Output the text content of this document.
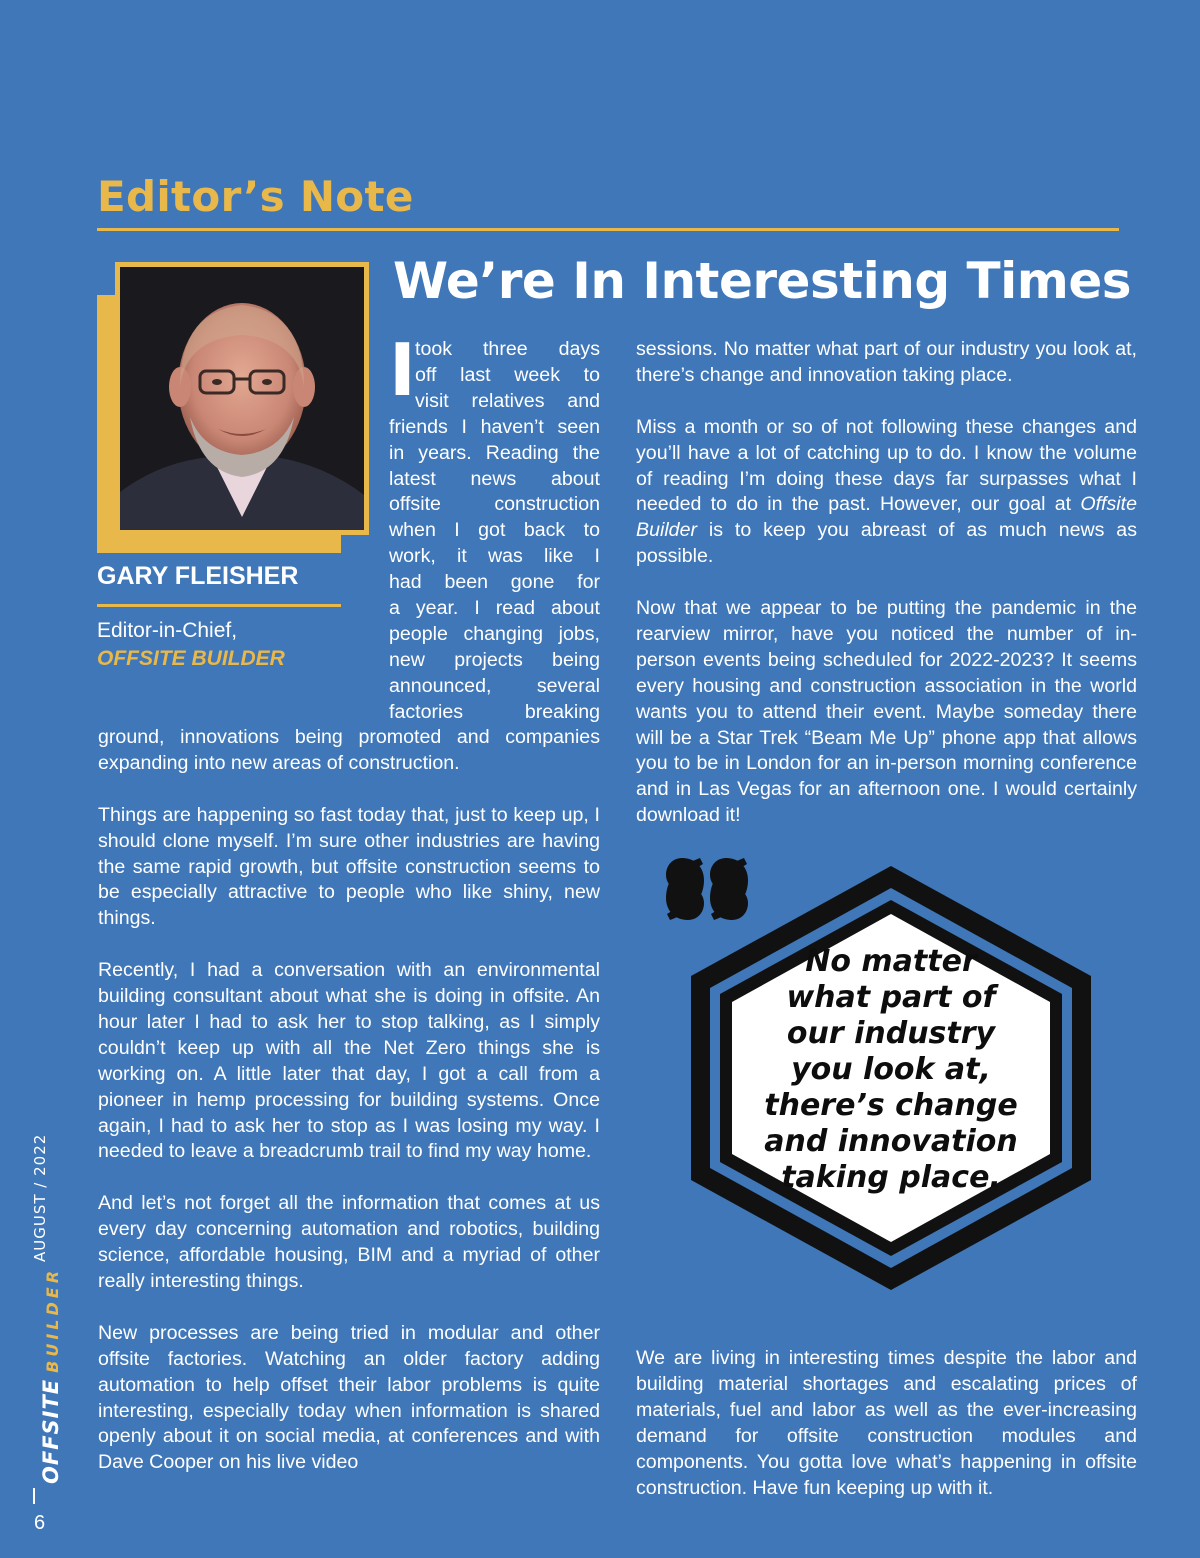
Editor’s Note
We’re In Interesting Times
GARY FLEISHER
Editor-in-Chief,
OFFSITE BUILDER
I took three days
off last week to
visit relatives and
friends I haven’t seen
in years. Reading the
latest news about
offsite construction
when I got back to
work, it was like I
had been gone for
a year. I read about
people changing jobs,
new projects being
announced, several
factories breaking

ground, innovations being promoted and companies expanding into new areas of construction.

Things are happening so fast today that, just to keep up, I should clone myself. I’m sure other industries are having the same rapid growth, but offsite construction seems to be especially attractive to people who like shiny, new things.

Recently, I had a conversation with an environmental building consultant about what she is doing in offsite. An hour later I had to ask her to stop talking, as I simply couldn’t keep up with all the Net Zero things she is working on. A little later that day, I got a call from a pioneer in hemp processing for building systems. Once again, I had to ask her to stop as I was losing my way. I needed to leave a breadcrumb trail to find my way home.

And let’s not forget all the information that comes at us every day concerning automation and robotics, building science, affordable housing, BIM and a myriad of other really interesting things.

New processes are being tried in modular and other offsite factories. Watching an older factory adding automation to help offset their labor problems is quite interesting, especially today when information is shared openly about it on social media, at conferences and with Dave Cooper on his live video

sessions. No matter what part of our industry you look at, there’s change and innovation taking place.

Miss a month or so of not following these changes and you’ll have a lot of catching up to do. I know the volume of reading I’m doing these days far surpasses what I needed to do in the past. However, our goal at Offsite Builder is to keep you abreast of as much news as possible.

Now that we appear to be putting the pandemic in the rearview mirror, have you noticed the number of in-person events being scheduled for 2022-2023? It seems every housing and construction association in the world wants you to attend their event. Maybe someday there will be a Star Trek “Beam Me Up” phone app that allows you to be in London for an in-person morning conference and in Las Vegas for an afternoon one. I would certainly download it!

No matter
what part of
our industry
you look at,
there’s change
and innovation
taking place.

We are living in interesting times despite the labor and building material shortages and escalating prices of materials, fuel and labor as well as the ever-increasing demand for offsite construction modules and components. You gotta love what’s happening in offsite construction. Have fun keeping up with it.

AUGUST / 2022
OFFSITEBUILDER
6
